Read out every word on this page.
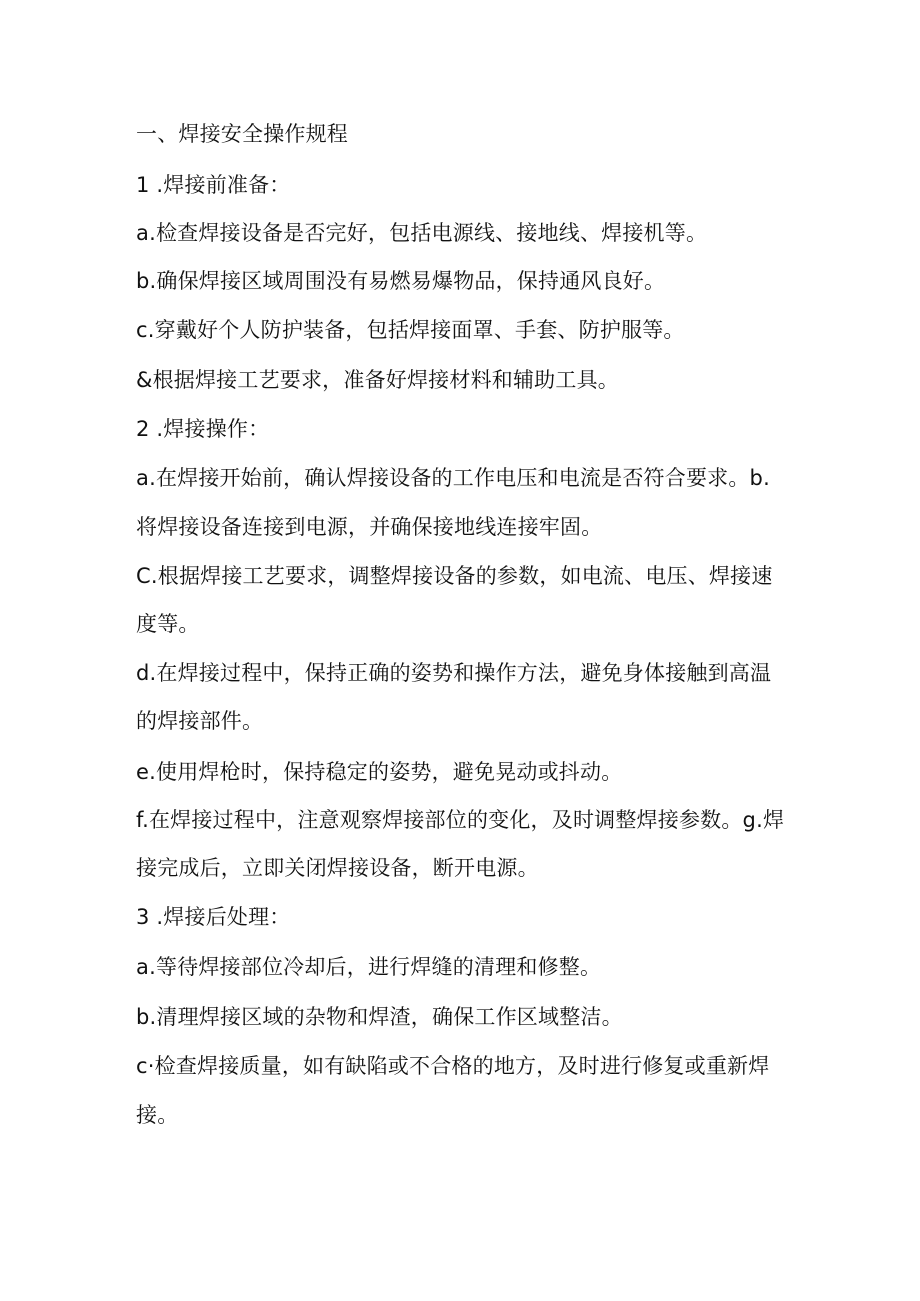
一、焊接安全操作规程
1 .焊接前准备：
a.检查焊接设备是否完好，包括电源线、接地线、焊接机等。
b.确保焊接区域周围没有易燃易爆物品，保持通风良好。
c.穿戴好个人防护装备，包括焊接面罩、手套、防护服等。
&根据焊接工艺要求，准备好焊接材料和辅助工具。
2 .焊接操作：
a.在焊接开始前，确认焊接设备的工作电压和电流是否符合要求。b.
将焊接设备连接到电源，并确保接地线连接牢固。
C.根据焊接工艺要求，调整焊接设备的参数，如电流、电压、焊接速
度等。
d.在焊接过程中，保持正确的姿势和操作方法，避免身体接触到高温
的焊接部件。
e.使用焊枪时，保持稳定的姿势，避免晃动或抖动。
f.在焊接过程中，注意观察焊接部位的变化，及时调整焊接参数。g.焊
接完成后，立即关闭焊接设备，断开电源。
3 .焊接后处理：
a.等待焊接部位冷却后，进行焊缝的清理和修整。
b.清理焊接区域的杂物和焊渣，确保工作区域整洁。
c·检查焊接质量，如有缺陷或不合格的地方，及时进行修复或重新焊
接。
